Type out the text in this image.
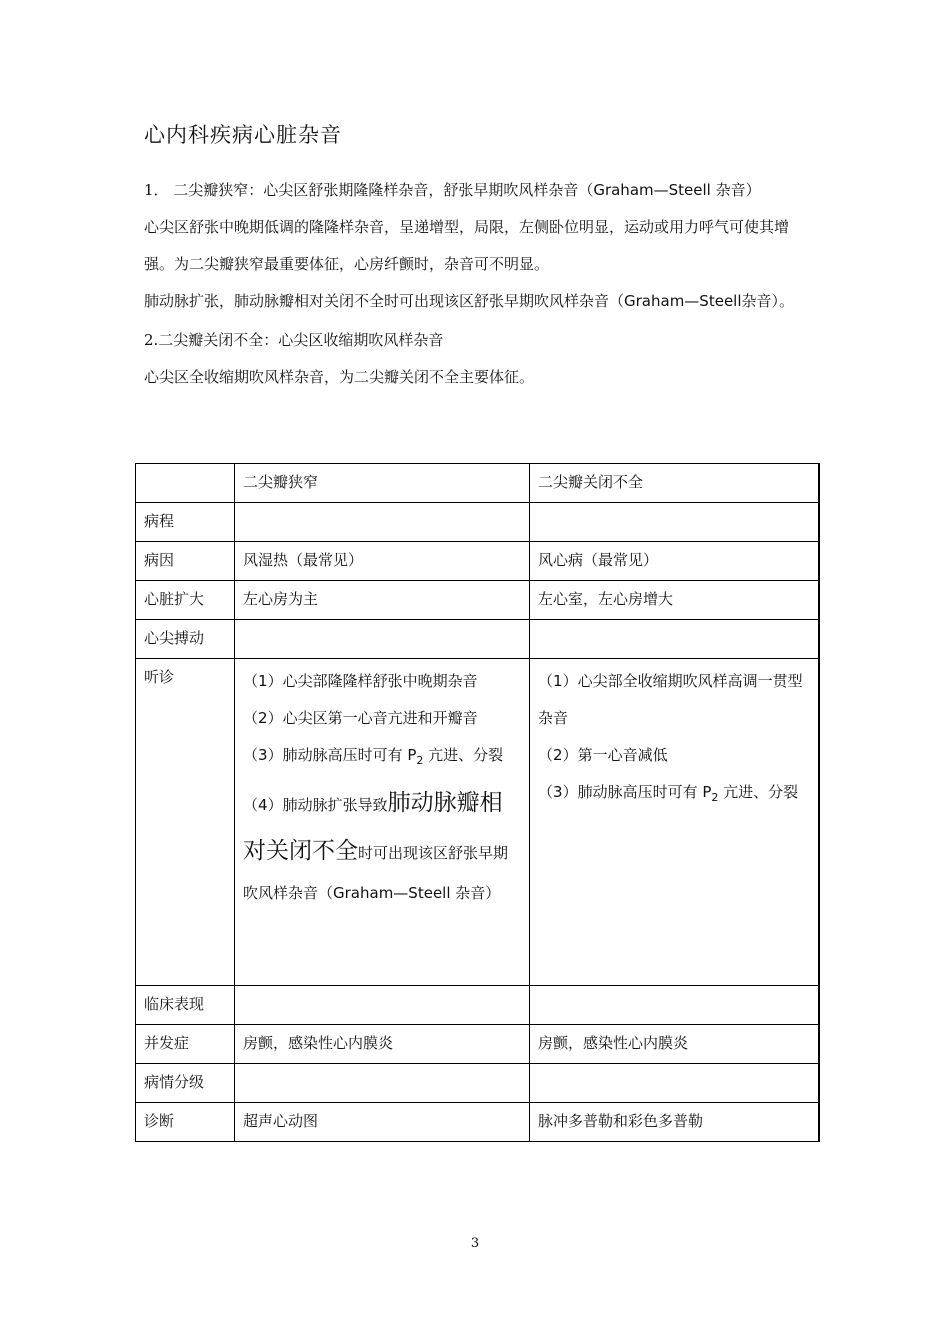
心内科疾病心脏杂音

1． 二尖瓣狭窄：心尖区舒张期隆隆样杂音，舒张早期吹风样杂音（Graham—Steell 杂音）

心尖区舒张中晚期低调的隆隆样杂音，呈递增型，局限，左侧卧位明显，运动或用力呼气可使其增强。为二尖瓣狭窄最重要体征，心房纤颤时，杂音可不明显。

肺动脉扩张，肺动脉瓣相对关闭不全时可出现该区舒张早期吹风样杂音（Graham—Steell杂音）。

2.二尖瓣关闭不全：心尖区收缩期吹风样杂音

心尖区全收缩期吹风样杂音，为二尖瓣关闭不全主要体征。

	二尖瓣狭窄	二尖瓣关闭不全
病程		
病因	风湿热（最常见）	风心病（最常见）
心脏扩大	左心房为主	左心室，左心房增大
心尖搏动		
听诊	（1）心尖部隆隆样舒张中晚期杂音
（2）心尖区第一心音亢进和开瓣音
（3）肺动脉高压时可有 $P_2$ 亢进、分裂
（4）肺动脉扩张导致肺动脉瓣相对关闭不全时可出现该区舒张早期吹风样杂音（Graham—Steell 杂音）	（1）心尖部全收缩期吹风样高调一贯型杂音
（2）第一心音减低
（3）肺动脉高压时可有 $P_2$ 亢进、分裂

临床表现		
并发症	房颤，感染性心内膜炎	房颤，感染性心内膜炎
病情分级		
诊断	超声心动图	脉冲多普勒和彩色多普勒
3
